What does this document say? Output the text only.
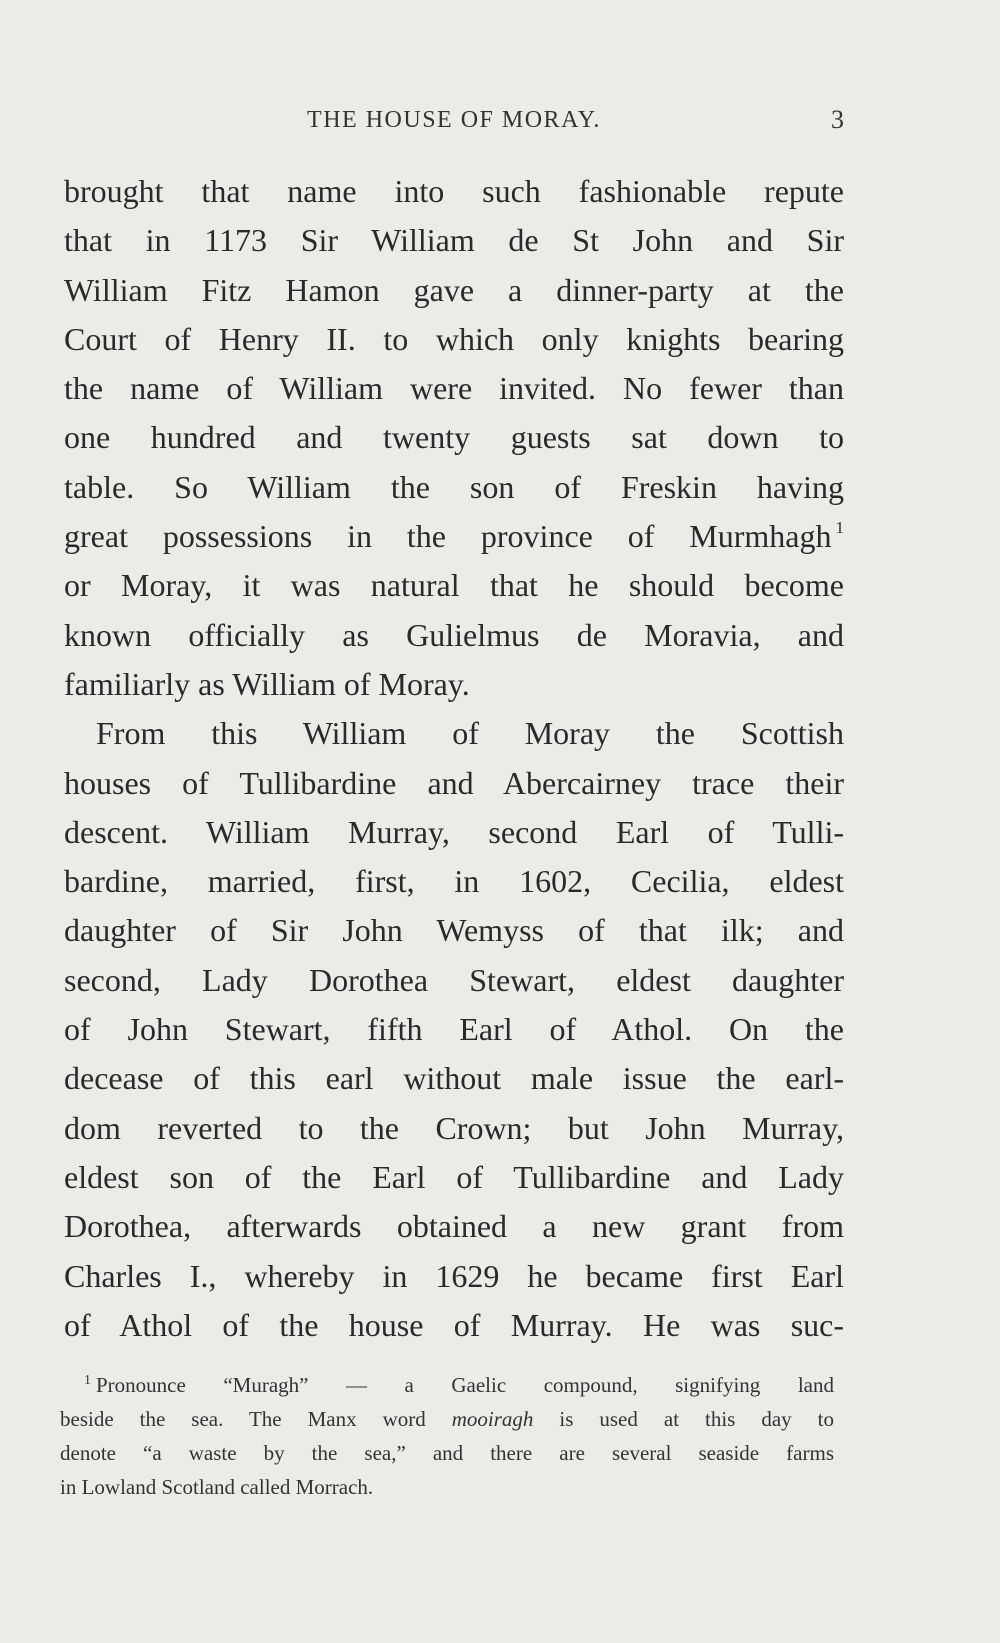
THE HOUSE OF MORAY.	3
brought that name into such fashionable repute
that in 1173 Sir William de St John and Sir
William Fitz Hamon gave a dinner-party at the
Court of Henry II. to which only knights bearing
the name of William were invited. No fewer than
one hundred and twenty guests sat down to
table. So William the son of Freskin having
great possessions in the province of Murmhagh $^1$
or Moray, it was natural that he should become
known officially as Gulielmus de Moravia, and
familiarly as William of Moray.
From this William of Moray the Scottish
houses of Tullibardine and Abercairney trace their
descent. William Murray, second Earl of Tulli-
bardine, married, first, in 1602, Cecilia, eldest
daughter of Sir John Wemyss of that ilk; and
second, Lady Dorothea Stewart, eldest daughter
of John Stewart, fifth Earl of Athol. On the
decease of this earl without male issue the earl-
dom reverted to the Crown; but John Murray,
eldest son of the Earl of Tullibardine and Lady
Dorothea, afterwards obtained a new grant from
Charles I., whereby in 1629 he became first Earl
of Athol of the house of Murray. He was suc-
$^1$ Pronounce “Muragh” — a Gaelic compound, signifying land
beside the sea. The Manx word mooiragh is used at this day to
denote “a waste by the sea,” and there are several seaside farms
in Lowland Scotland called Morrach.
